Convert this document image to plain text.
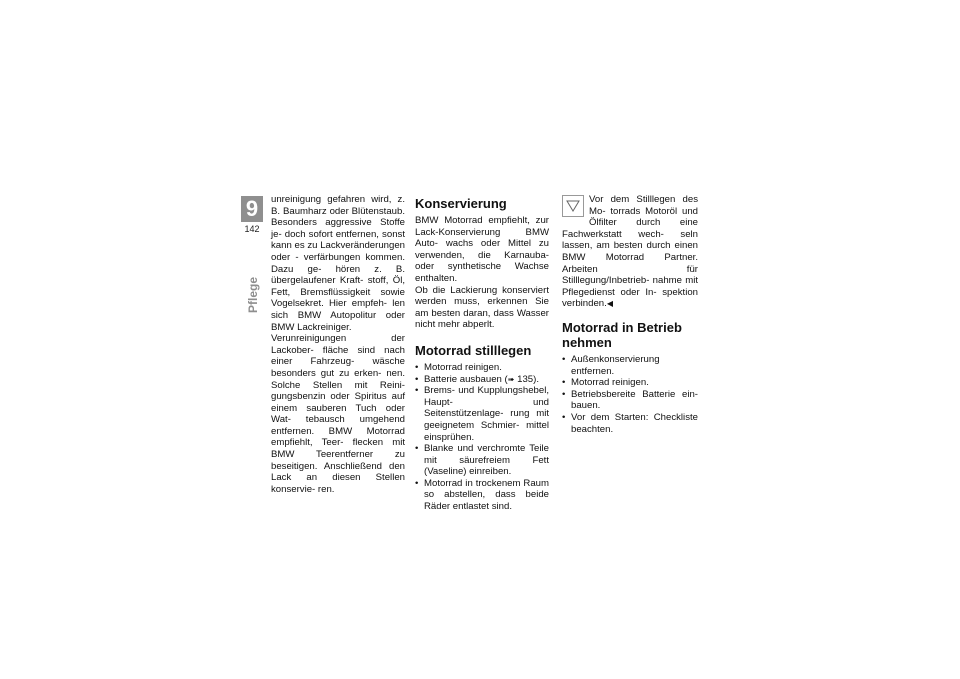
9
142
Pflege

unreinigung gefahren wird, z. B. Baumharz oder Blütenstaub. Besonders aggressive Stoffe je- doch sofort entfernen, sonst kann es zu Lackveränderungen oder - verfärbungen kommen. Dazu ge- hören z. B. übergelaufener Kraft- stoff, Öl, Fett, Bremsflüssigkeit sowie Vogelsekret. Hier empfeh- len sich BMW Autopolitur oder BMW Lackreiniger.

Verunreinigungen der Lackober- fläche sind nach einer Fahrzeug- wäsche besonders gut zu erken- nen. Solche Stellen mit Reini- gungsbenzin oder Spiritus auf einem sauberen Tuch oder Wat- tebausch umgehend entfernen. BMW Motorrad empfiehlt, Teer- flecken mit BMW Teerentferner zu beseitigen. Anschließend den Lack an diesen Stellen konservie- ren.

Konservierung

BMW Motorrad empfiehlt, zur Lack-Konservierung BMW Auto- wachs oder Mittel zu verwenden, die Karnauba- oder synthetische Wachse enthalten.

Ob die Lackierung konserviert werden muss, erkennen Sie am besten daran, dass Wasser nicht mehr abperlt.

Motorrad stilllegen
• Motorrad reinigen.
• Batterie ausbauen (➠ 135).
• Brems- und Kupplungshebel, Haupt- und Seitenstützenlage- rung mit geeignetem Schmier- mittel einsprühen.
• Blanke und verchromte Teile mit säurefreiem Fett (Vaseline) einreiben.
• Motorrad in trockenem Raum so abstellen, dass beide Räder entlastet sind.

Vor dem Stilllegen des Mo- torrads Motoröl und Ölfilter durch eine Fachwerkstatt wech- seln lassen, am besten durch einen BMW Motorrad Partner. Arbeiten für Stilllegung/Inbetrieb- nahme mit Pflegedienst oder In- spektion verbinden.◀

Motorrad in Betrieb nehmen
• Außenkonservierung entfernen.
• Motorrad reinigen.
• Betriebsbereite Batterie ein- bauen.
• Vor dem Starten: Checkliste beachten.
